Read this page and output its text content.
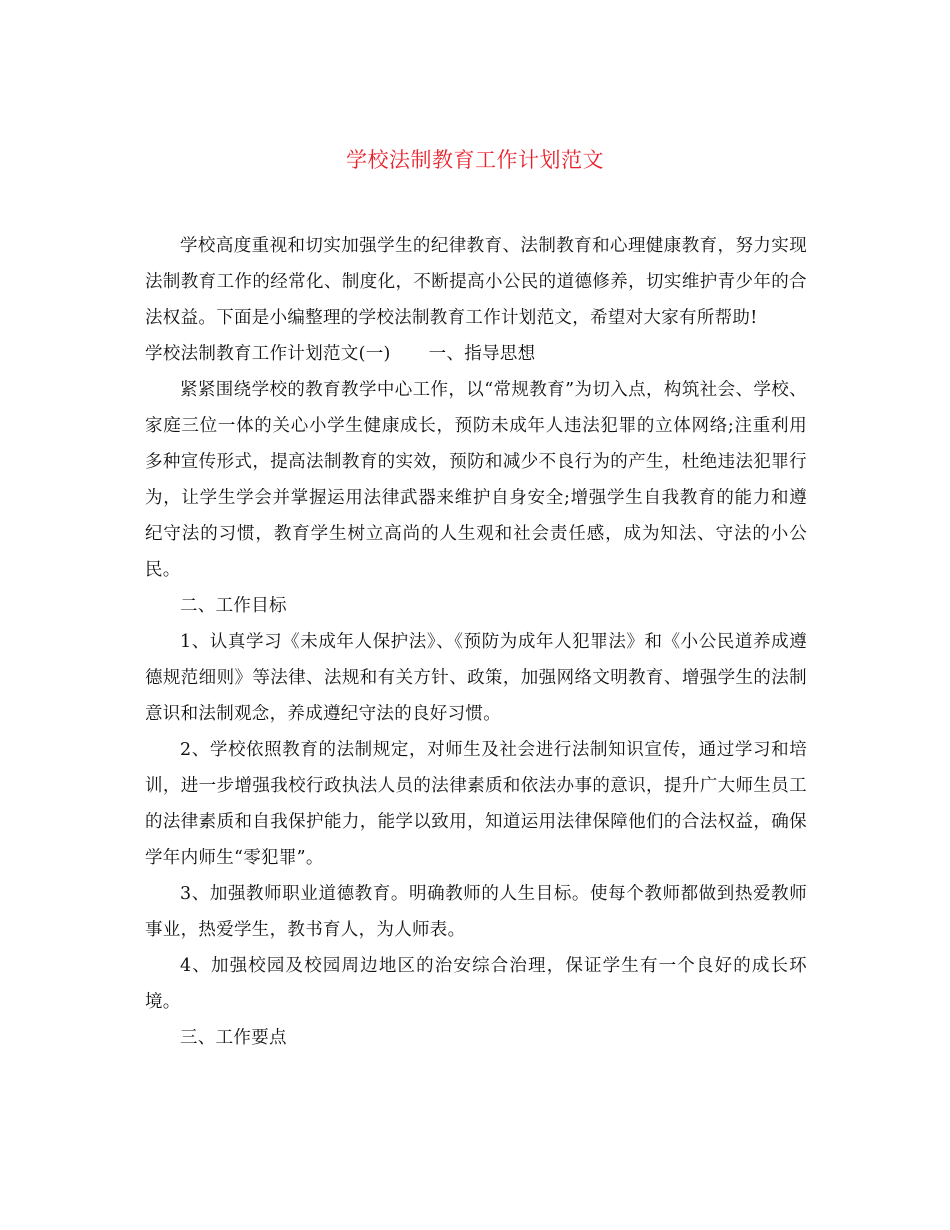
学校法制教育工作计划范文

学校高度重视和切实加强学生的纪律教育、法制教育和心理健康教育，努力实现法制教育工作的经常化、制度化，不断提高小公民的道德修养，切实维护青少年的合法权益。下面是小编整理的学校法制教育工作计划范文，希望对大家有所帮助!

学校法制教育工作计划范文(一) 一、指导思想

紧紧围绕学校的教育教学中心工作，以“常规教育”为切入点，构筑社会、学校、家庭三位一体的关心小学生健康成长，预防未成年人违法犯罪的立体网络;注重利用多种宣传形式，提高法制教育的实效，预防和减少不良行为的产生，杜绝违法犯罪行为，让学生学会并掌握运用法律武器来维护自身安全;增强学生自我教育的能力和遵纪守法的习惯，教育学生树立高尚的人生观和社会责任感，成为知法、守法的小公民。

二、工作目标

1、认真学习《未成年人保护法》、《预防为成年人犯罪法》和《小公民道养成遵 德规范细则》等法律、法规和有关方针、政策，加强网络文明教育、增强学生的法制意识和法制观念，养成遵纪守法的良好习惯。

2、学校依照教育的法制规定，对师生及社会进行法制知识宣传，通过学习和培训，进一步增强我校行政执法人员的法律素质和依法办事的意识，提升广大师生员工的法律素质和自我保护能力，能学以致用，知道运用法律保障他们的合法权益，确保学年内师生“零犯罪”。

3、加强教师职业道德教育。明确教师的人生目标。使每个教师都做到热爱教师事业，热爱学生，教书育人，为人师表。

4、加强校园及校园周边地区的治安综合治理，保证学生有一个良好的成长环境。

三、工作要点
